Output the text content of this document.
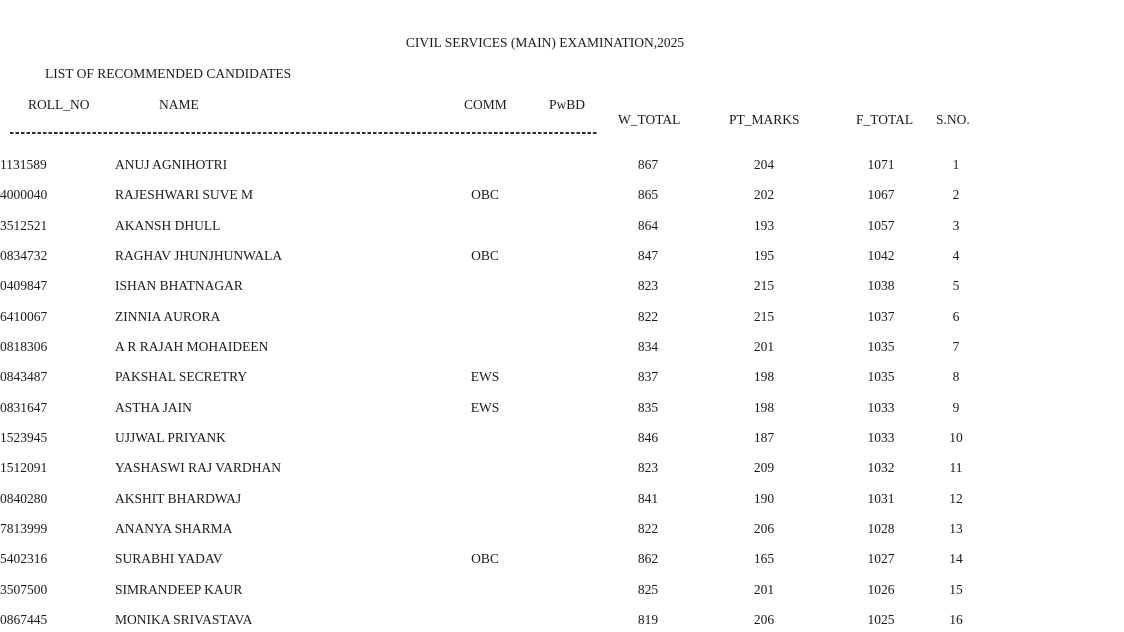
CIVIL SERVICES (MAIN) EXAMINATION,2025
LIST OF RECOMMENDED CANDIDATES
ROLL_NO	NAME	COMM	PwBD
W_TOTAL	PT_MARKS	F_TOTAL S.NO.
1131589	ANUJ AGNIHOTRI			867	204	1071	1
4000040	RAJESHWARI SUVE M	OBC		865	202	1067	2
3512521	AKANSH DHULL			864	193	1057	3
0834732	RAGHAV JHUNJHUNWALA	OBC		847	195	1042	4
0409847	ISHAN BHATNAGAR			823	215	1038	5
6410067	ZINNIA AURORA			822	215	1037	6
0818306	A R RAJAH MOHAIDEEN			834	201	1035	7
0843487	PAKSHAL SECRETRY	EWS		837	198	1035	8
0831647	ASTHA JAIN	EWS		835	198	1033	9
1523945	UJJWAL PRIYANK			846	187	1033	10
1512091	YASHASWI RAJ VARDHAN			823	209	1032	11
0840280	AKSHIT BHARDWAJ			841	190	1031	12
7813999	ANANYA SHARMA			822	206	1028	13
5402316	SURABHI YADAV	OBC		862	165	1027	14
3507500	SIMRANDEEP KAUR			825	201	1026	15
0867445	MONIKA SRIVASTAVA			819	206	1025	16
